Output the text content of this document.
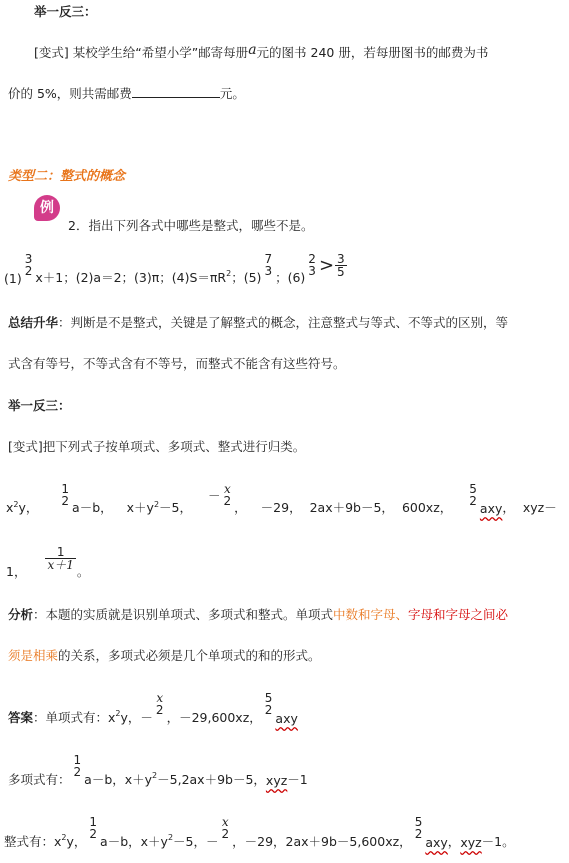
举一反三：
[变式] 某校学生给“希望小学”邮寄每册a元的图书 240 册，若每册图书的邮费为书
价的 5%，则共需邮费	元。
类型二：整式的概念
例
2．指出下列各式中哪些是整式，哪些不是。
(1)
3
2 x＋1；(2)a＝2；(3)π；$(4)S=\pi R^2$ ；(5)
7
3 ；(6)
2
$3 > \frac{3}{5}$
总结升华：判断是不是整式，关键是了解整式的概念，注意整式与等式、不等式的区别，等
式含有等号，不等式含有不等号，而整式不能含有这些符号。
举一反三：
[变式]把下列式子按单项式、多项式、整式进行归类。
$x^2y$，
1
2 a－b， $x+y^2-5$，
－ x
2 ， －29， 2ax＋9b－5， 600xz，
5
2 axy ， xyz－
1，
$\frac{1}{x+1}$
。
分析：本题的实质就是识别单项式、多项式和整式。单项式中数和字母、字母和字母之间必
须是相乘的关系，多项式必须是几个单项式的和的形式。
答案 ：单项式有：$x^2$ y，－
x
2 ，－29,600xz，
5
2
axy
多项式有：
1
2 a－b，$x+y^2 -5,2ax+9b-5$， xyz －1
整式有：$x^2$ y，
1
2 a－b，$x+y^2 -5$，－
x
2 ，－29，2ax＋9b－5,600xz，
5
2
axy ， xyz －1。
